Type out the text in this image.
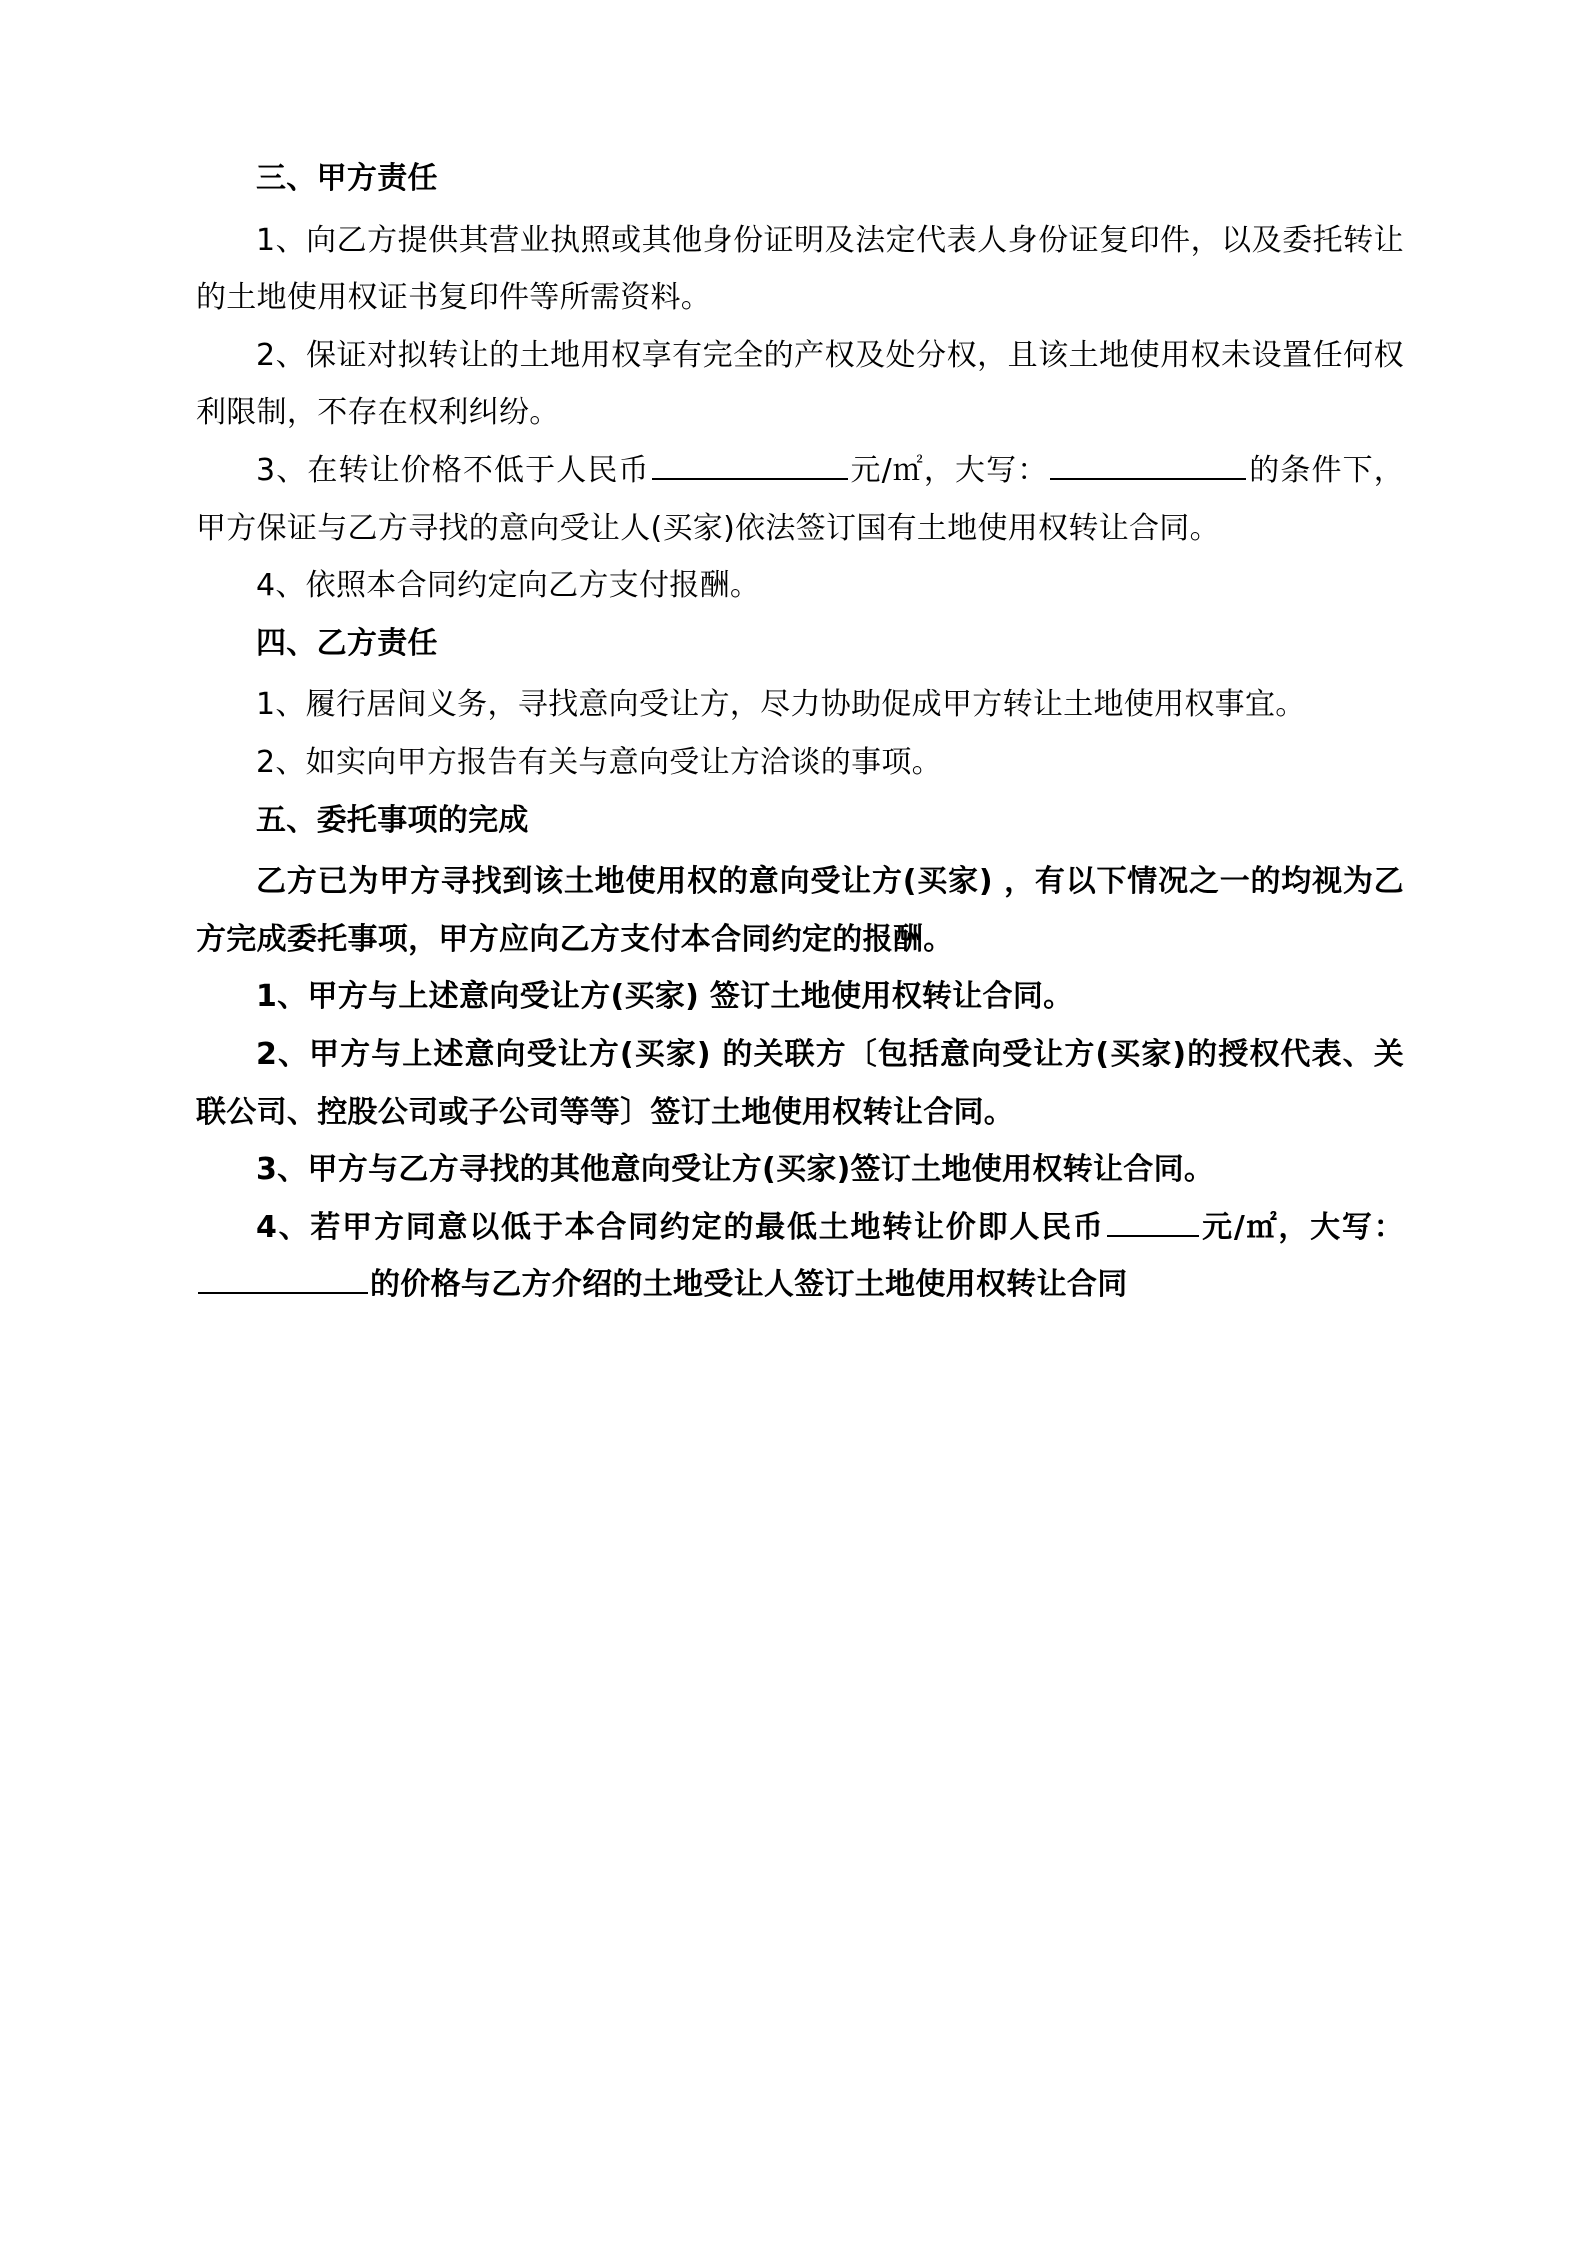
三、甲方责任

1、向乙方提供其营业执照或其他身份证明及法定代表人身份证复印件，以及委托转让的土地使用权证书复印件等所需资料。

2、保证对拟转让的土地用权享有完全的产权及处分权，且该土地使用权未设置任何权利限制，不存在权利纠纷。

3、在转让价格不低于人民币	元/㎡，大写：	的条件下，甲方保证与乙方寻找的意向受让人(买家)依法签订国有土地使用权转让合同。

4、依照本合同约定向乙方支付报酬。

四、乙方责任

1、履行居间义务，寻找意向受让方，尽力协助促成甲方转让土地使用权事宜。

2、如实向甲方报告有关与意向受让方洽谈的事项。

五、委托事项的完成

乙方已为甲方寻找到该土地使用权的意向受让方(买家) ，有以下情况之一的均视为乙方完成委托事项，甲方应向乙方支付本合同约定的报酬。

1、甲方与上述意向受让方(买家) 签订土地使用权转让合同。

2、甲方与上述意向受让方(买家) 的关联方〔包括意向受让方(买家)的授权代表、关联公司、控股公司或子公司等等〕签订土地使用权转让合同。

3、甲方与乙方寻找的其他意向受让方(买家)签订土地使用权转让合同。

4、若甲方同意以低于本合同约定的最低土地转让价即人民币	元/㎡，大写：的价格与乙方介绍的土地受让人签订土地使用权转让合同
